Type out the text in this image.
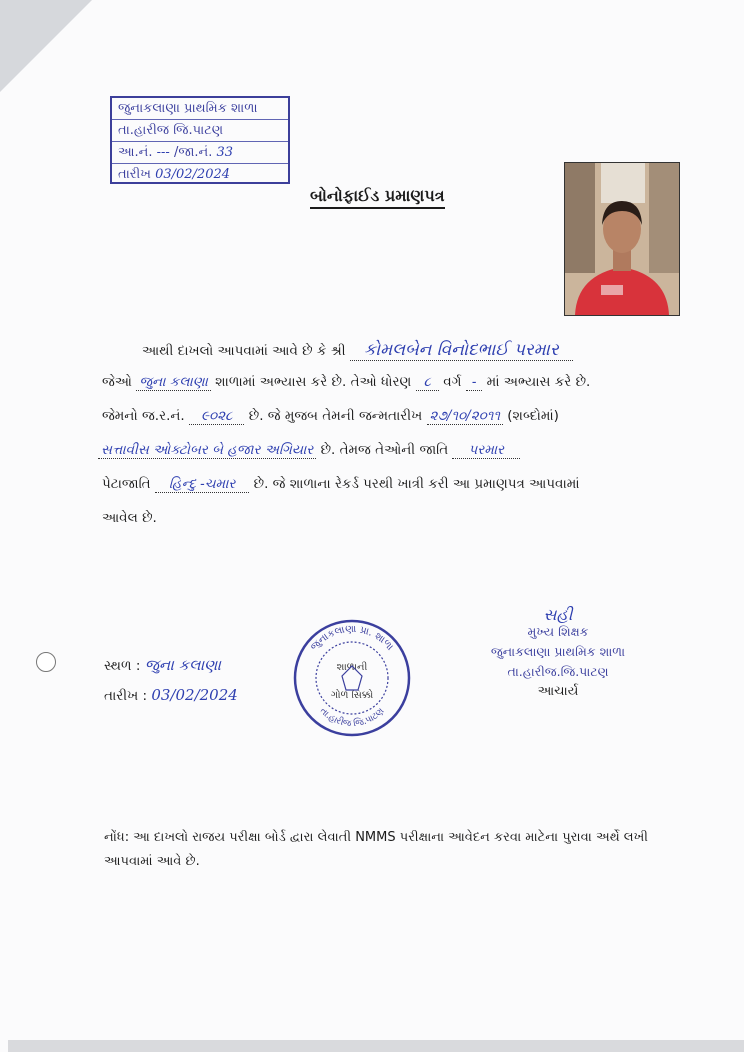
જુનાકલાણા પ્રાથમિક શાળા
તા.હારીજ જિ.પાટણ
આ.નં. --- /જા.નં. 33
તારીખ 03/02/2024
બોનોફાઈડ પ્રમાણપત્ર
આથી દાખલો આપવામાં આવે છે કે શ્રી કોમલબેન વિનોદભાઈ પરમાર
જેઓ જુના કલાણા શાળામાં અભ્યાસ કરે છે. તેઓ ધોરણ ૮ વર્ગ - માં અભ્યાસ કરે છે.
જેમનો જ.ર.નં. ૯૦૨૮ છે. જે મુજબ તેમની જન્મતારીખ ૨૭/૧૦/૨૦૧૧ (શબ્દોમાં)
સત્તાવીસ ઓક્ટોબર બે હજાર અગિયાર છે. તેમજ તેઓની જાતિ પરમાર
પેટાજાતિ હિન્દુ -ચમાર છે. જે શાળાના રેકર્ડ પરથી ખાત્રી કરી આ પ્રમાણપત્ર આપવામાં
આવેલ છે.
સ્થળ : જુના કલાણા
તારીખ : 03/02/2024
જુનાકલાણા પ્રા. શાળા
તા.હારીજ જિ.પાટણ
શાળાની
ગોળ સિક્કો
સહી
મુખ્ય શિક્ષક
જુનાકલાણા પ્રાથમિક શાળા
તા.હારીજ.જિ.પાટણ
આચાર્ય
નોંધ: આ દાખલો રાજય પરીક્ષા બોર્ડ દ્વારા લેવાતી NMMS પરીક્ષાના આવેદન કરવા માટેના પુરાવા અર્થે લખી આપવામાં આવે છે.
